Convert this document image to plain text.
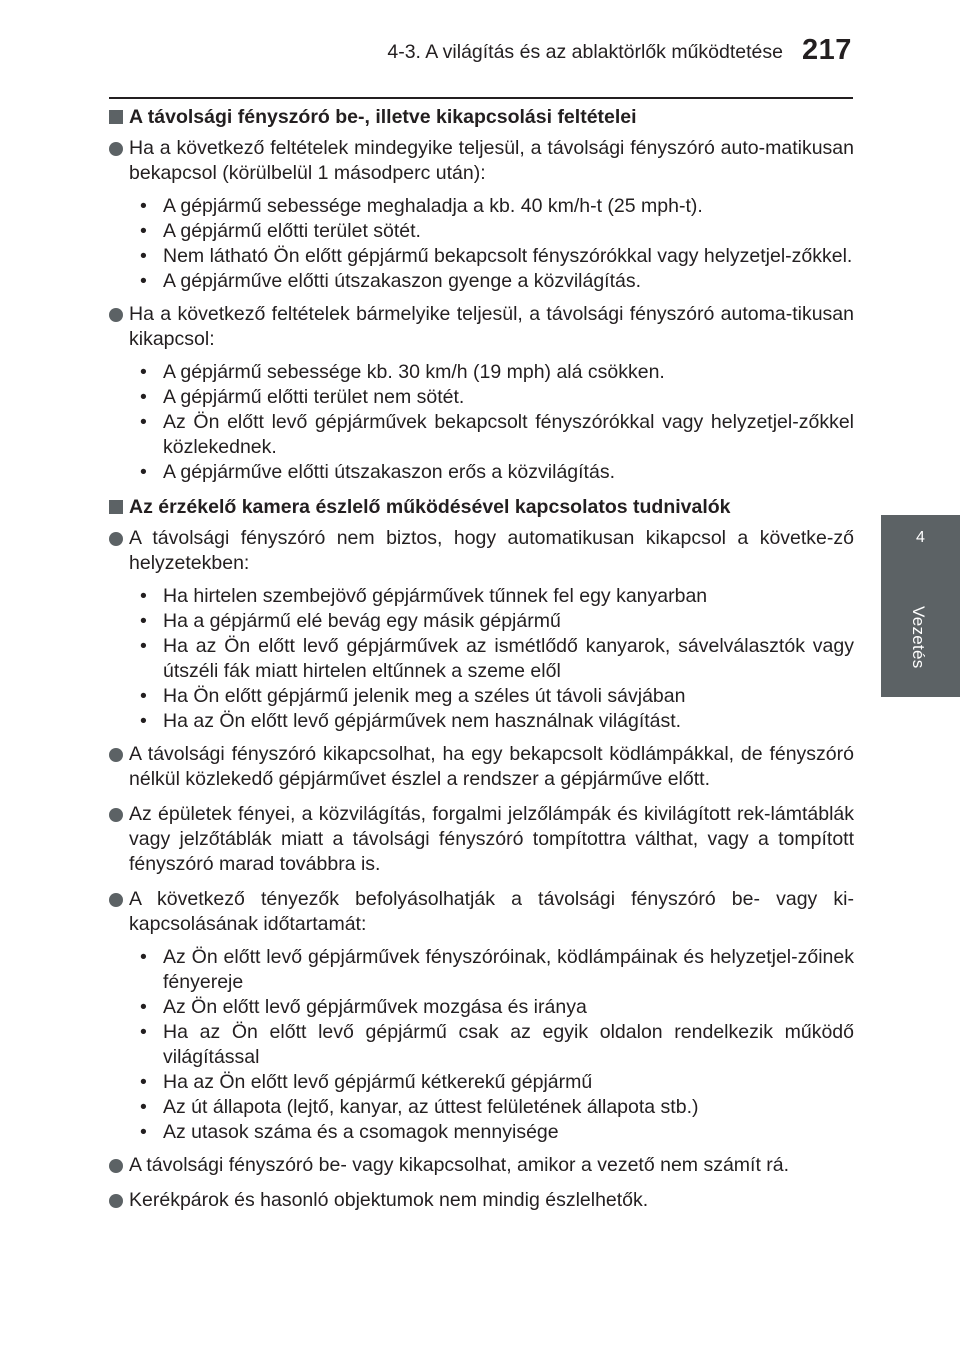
4-3. A világítás és az ablaktörlők működtetése 217
4
Vezetés
A távolsági fényszóró be-, illetve kikapcsolási feltételei
Ha a következő feltételek mindegyike teljesül, a távolsági fényszóró auto-matikusan bekapcsol (körülbelül 1 másodperc után):
• A gépjármű sebessége meghaladja a kb. 40 km/h-t (25 mph-t).
• A gépjármű előtti terület sötét.
• Nem látható Ön előtt gépjármű bekapcsolt fényszórókkal vagy helyzetjel-zőkkel.
• A gépjárműve előtti útszakaszon gyenge a közvilágítás.
Ha a következő feltételek bármelyike teljesül, a távolsági fényszóró automa-tikusan kikapcsol:
• A gépjármű sebessége kb. 30 km/h (19 mph) alá csökken.
• A gépjármű előtti terület nem sötét.
• Az Ön előtt levő gépjárművek bekapcsolt fényszórókkal vagy helyzetjel-zőkkel közlekednek.
• A gépjárműve előtti útszakaszon erős a közvilágítás.
Az érzékelő kamera észlelő működésével kapcsolatos tudnivalók
A távolsági fényszóró nem biztos, hogy automatikusan kikapcsol a követke-ző helyzetekben:
• Ha hirtelen szembejövő gépjárművek tűnnek fel egy kanyarban
• Ha a gépjármű elé bevág egy másik gépjármű
• Ha az Ön előtt levő gépjárművek az ismétlődő kanyarok, sávelválasztók vagy útszéli fák miatt hirtelen eltűnnek a szeme elől
• Ha Ön előtt gépjármű jelenik meg a széles út távoli sávjában
• Ha az Ön előtt levő gépjárművek nem használnak világítást.
A távolsági fényszóró kikapcsolhat, ha egy bekapcsolt ködlámpákkal, de fényszóró nélkül közlekedő gépjárművet észlel a rendszer a gépjárműve előtt.
Az épületek fényei, a közvilágítás, forgalmi jelzőlámpák és kivilágított rek-lámtáblák vagy jelzőtáblák miatt a távolsági fényszóró tompítottra válthat, vagy a tompított fényszóró marad továbbra is.
A következő tényezők befolyásolhatják a távolsági fényszóró be- vagy ki-kapcsolásának időtartamát:
• Az Ön előtt levő gépjárművek fényszóróinak, ködlámpáinak és helyzetjel-zőinek fényereje
• Az Ön előtt levő gépjárművek mozgása és iránya
• Ha az Ön előtt levő gépjármű csak az egyik oldalon rendelkezik működő világítással
• Ha az Ön előtt levő gépjármű kétkerekű gépjármű
• Az út állapota (lejtő, kanyar, az úttest felületének állapota stb.)
• Az utasok száma és a csomagok mennyisége
A távolsági fényszóró be- vagy kikapcsolhat, amikor a vezető nem számít rá.
Kerékpárok és hasonló objektumok nem mindig észlelhetők.
